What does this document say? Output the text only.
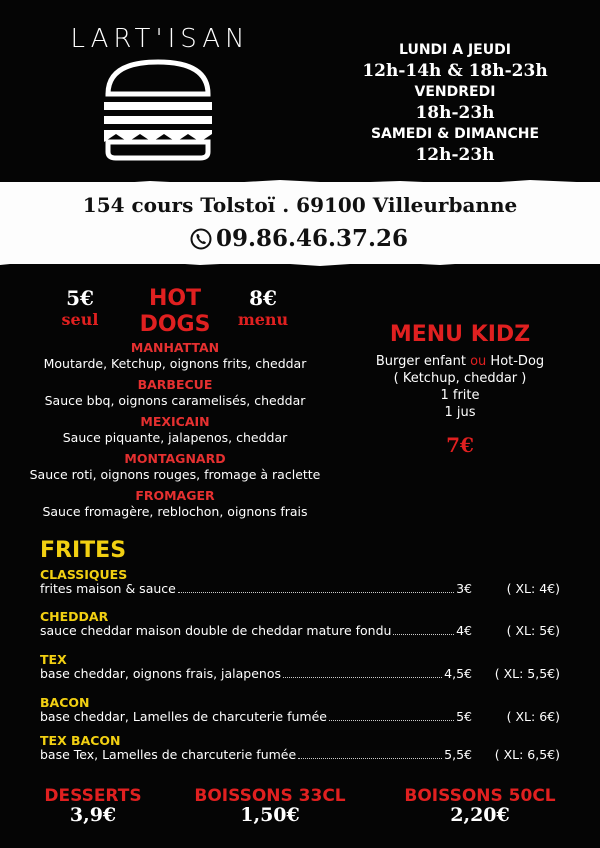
LART'ISAN	LUNDI A JEUDI
12h-14h & 18h-23h
VENDREDI
18h-23h
SAMEDI & DIMANCHE
12h-23h
154 cours Tolstoï . 69100 Villeurbanne
09.86.46.37.26
5€
seul
HOT
DOGS
8€
menu
MANHATTAN
Moutarde, Ketchup, oignons frits, cheddar
BARBECUE
Sauce bbq, oignons caramelisés, cheddar
MEXICAIN
Sauce piquante, jalapenos, cheddar
MONTAGNARD
Sauce roti, oignons rouges, fromage à raclette
FROMAGER
Sauce fromagère, reblochon, oignons frais
MENU KIDZ
Burger enfant ou Hot-Dog
( Ketchup, cheddar )
1 frite
1 jus
7€
FRITES
CLASSIQUES
frites maison & sauce	3€	( XL: 4€)
CHEDDAR
sauce cheddar maison double de cheddar mature fondu	4€	( XL: 5€)
TEX
base cheddar, oignons frais, jalapenos	4,5€	( XL: 5,5€)
BACON
base cheddar, Lamelles de charcuterie fumée	5€	( XL: 6€)
TEX BACON
base Tex, Lamelles de charcuterie fumée	5,5€	( XL: 6,5€)
DESSERTS
3,9€
BOISSONS 33CL
1,50€
BOISSONS 50CL
2,20€
